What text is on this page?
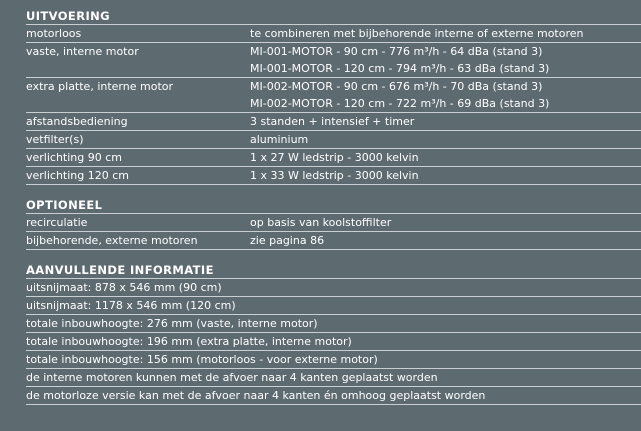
UITVOERING
motorloos	te combineren met bijbehorende interne of externe motoren
vaste, interne motor	MI-001-MOTOR - 90 cm - 776 m³/h - 64 dBa (stand 3)
MI-001-MOTOR - 120 cm - 794 m³/h - 63 dBa (stand 3)
extra platte, interne motor	MI-002-MOTOR - 90 cm - 676 m³/h - 70 dBa (stand 3)
MI-002-MOTOR - 120 cm - 722 m³/h - 69 dBa (stand 3)
afstandsbediening	3 standen + intensief + timer
vetfilter(s)	aluminium
verlichting 90 cm	1 x 27 W ledstrip - 3000 kelvin
verlichting 120 cm	1 x 33 W ledstrip - 3000 kelvin
OPTIONEEL
recirculatie	op basis van koolstoffilter
bijbehorende, externe motoren	zie pagina 86
AANVULLENDE INFORMATIE
uitsnijmaat: 878 x 546 mm (90 cm)
uitsnijmaat: 1178 x 546 mm (120 cm)
totale inbouwhoogte: 276 mm (vaste, interne motor)
totale inbouwhoogte: 196 mm (extra platte, interne motor)
totale inbouwhoogte: 156 mm (motorloos - voor externe motor)
de interne motoren kunnen met de afvoer naar 4 kanten geplaatst worden
de motorloze versie kan met de afvoer naar 4 kanten én omhoog geplaatst worden
